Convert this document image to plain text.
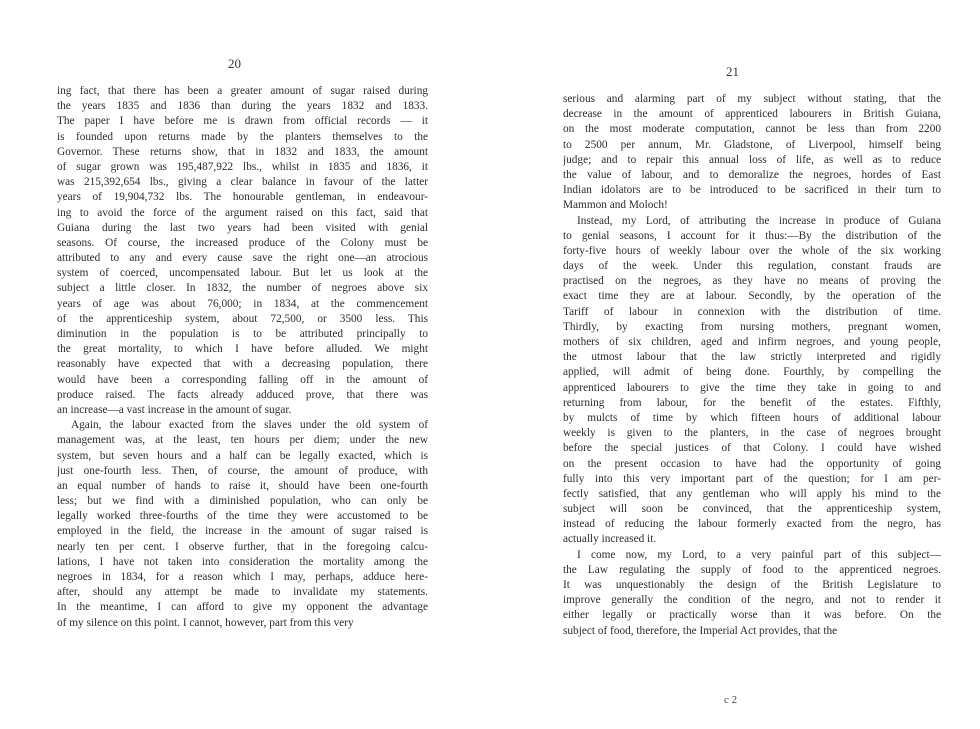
20
ing fact, that there has been a greater amount of sugar raised during
the years 1835 and 1836 than during the years 1832 and 1833.
The paper I have before me is drawn from official records — it
is founded upon returns made by the planters themselves to the
Governor. These returns show, that in 1832 and 1833, the amount
of sugar grown was 195,487,922 lbs., whilst in 1835 and 1836, it
was 215,392,654 lbs., giving a clear balance in favour of the latter
years of 19,904,732 lbs. The honourable gentleman, in endeavour-
ing to avoid the force of the argument raised on this fact, said that
Guiana during the last two years had been visited with genial
seasons. Of course, the increased produce of the Colony must be
attributed to any and every cause save the right one—an atrocious
system of coerced, uncompensated labour. But let us look at the
subject a little closer. In 1832, the number of negroes above six
years of age was about 76,000; in 1834, at the commencement
of the apprenticeship system, about 72,500, or 3500 less. This
diminution in the population is to be attributed principally to
the great mortality, to which I have before alluded. We might
reasonably have expected that with a decreasing population, there
would have been a corresponding falling off in the amount of
produce raised. The facts already adduced prove, that there was
an increase—a vast increase in the amount of sugar.
Again, the labour exacted from the slaves under the old system of
management was, at the least, ten hours per diem; under the new
system, but seven hours and a half can be legally exacted, which is
just one-fourth less. Then, of course, the amount of produce, with
an equal number of hands to raise it, should have been one-fourth
less; but we find with a diminished population, who can only be
legally worked three-fourths of the time they were accustomed to be
employed in the field, the increase in the amount of sugar raised is
nearly ten per cent. I observe further, that in the foregoing calcu-
lations, I have not taken into consideration the mortality among the
negroes in 1834, for a reason which I may, perhaps, adduce here-
after, should any attempt be made to invalidate my statements.
In the meantime, I can afford to give my opponent the advantage
of my silence on this point. I cannot, however, part from this very
21
serious and alarming part of my subject without stating, that the
decrease in the amount of apprenticed labourers in British Guiana,
on the most moderate computation, cannot be less than from 2200
to 2500 per annum, Mr. Gladstone, of Liverpool, himself being
judge; and to repair this annual loss of life, as well as to reduce
the value of labour, and to demoralize the negroes, hordes of East
Indian idolators are to be introduced to be sacrificed in their turn to
Mammon and Moloch!
Instead, my Lord, of attributing the increase in produce of Guiana
to genial seasons, I account for it thus:—By the distribution of the
forty-five hours of weekly labour over the whole of the six working
days of the week. Under this regulation, constant frauds are
practised on the negroes, as they have no means of proving the
exact time they are at labour. Secondly, by the operation of the
Tariff of labour in connexion with the distribution of time.
Thirdly, by exacting from nursing mothers, pregnant women,
mothers of six children, aged and infirm negroes, and young people,
the utmost labour that the law strictly interpreted and rigidly
applied, will admit of being done. Fourthly, by compelling the
apprenticed labourers to give the time they take in going to and
returning from labour, for the benefit of the estates. Fifthly,
by mulcts of time by which fifteen hours of additional labour
weekly is given to the planters, in the case of negroes brought
before the special justices of that Colony. I could have wished
on the present occasion to have had the opportunity of going
fully into this very important part of the question; for I am per-
fectly satisfied, that any gentleman who will apply his mind to the
subject will soon be convinced, that the apprenticeship system,
instead of reducing the labour formerly exacted from the negro, has
actually increased it.
I come now, my Lord, to a very painful part of this subject—
the Law regulating the supply of food to the apprenticed negroes.
It was unquestionably the design of the British Legislature to
improve generally the condition of the negro, and not to render it
either legally or practically worse than it was before. On the
subject of food, therefore, the Imperial Act provides, that the
c 2
